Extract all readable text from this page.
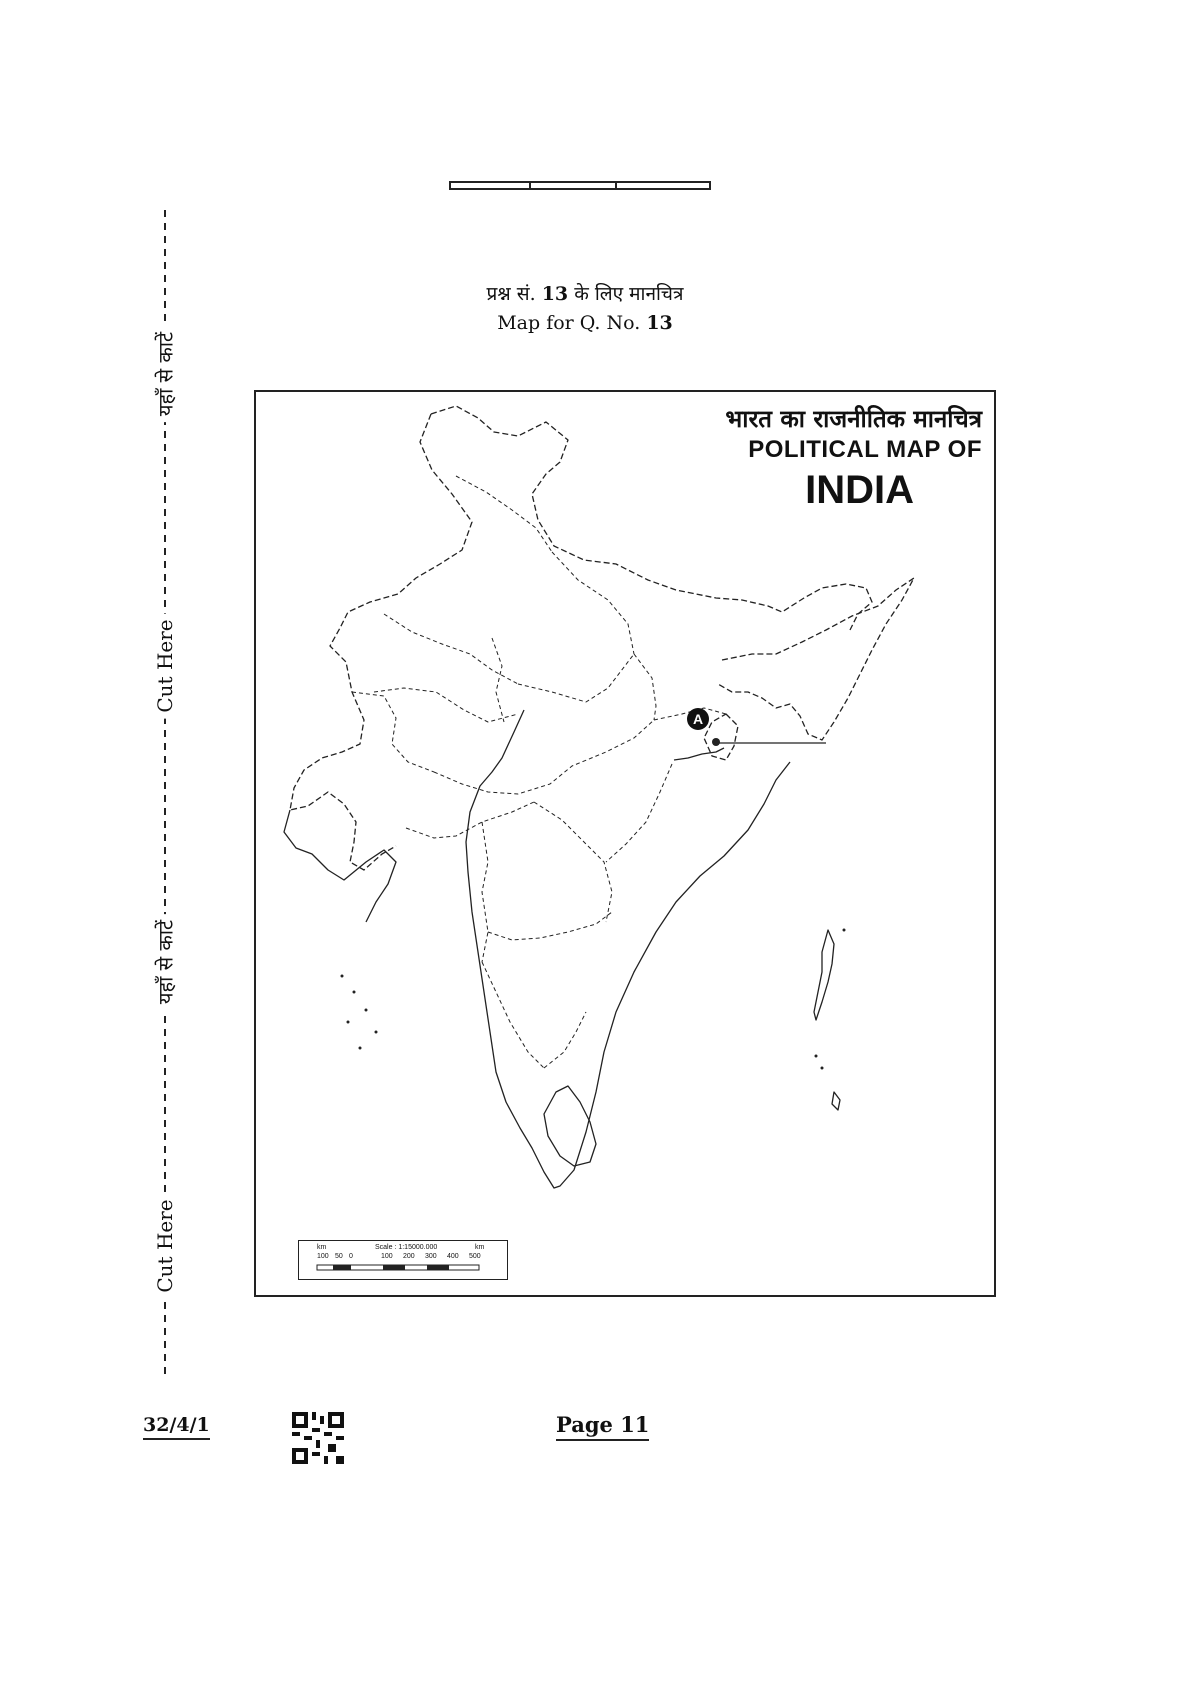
प्रश्न सं. 13 के लिए मानचित्र
Map for Q. No. 13
यहाँ से काटें
Cut Here
यहाँ से काटें
Cut Here
भारत का राजनीतिक मानचित्र
POLITICAL MAP OF
INDIA
A
km	Scale : 1:15000.000	km
100 50 0	100 200 300 400 500
32/4/1	Page 11
